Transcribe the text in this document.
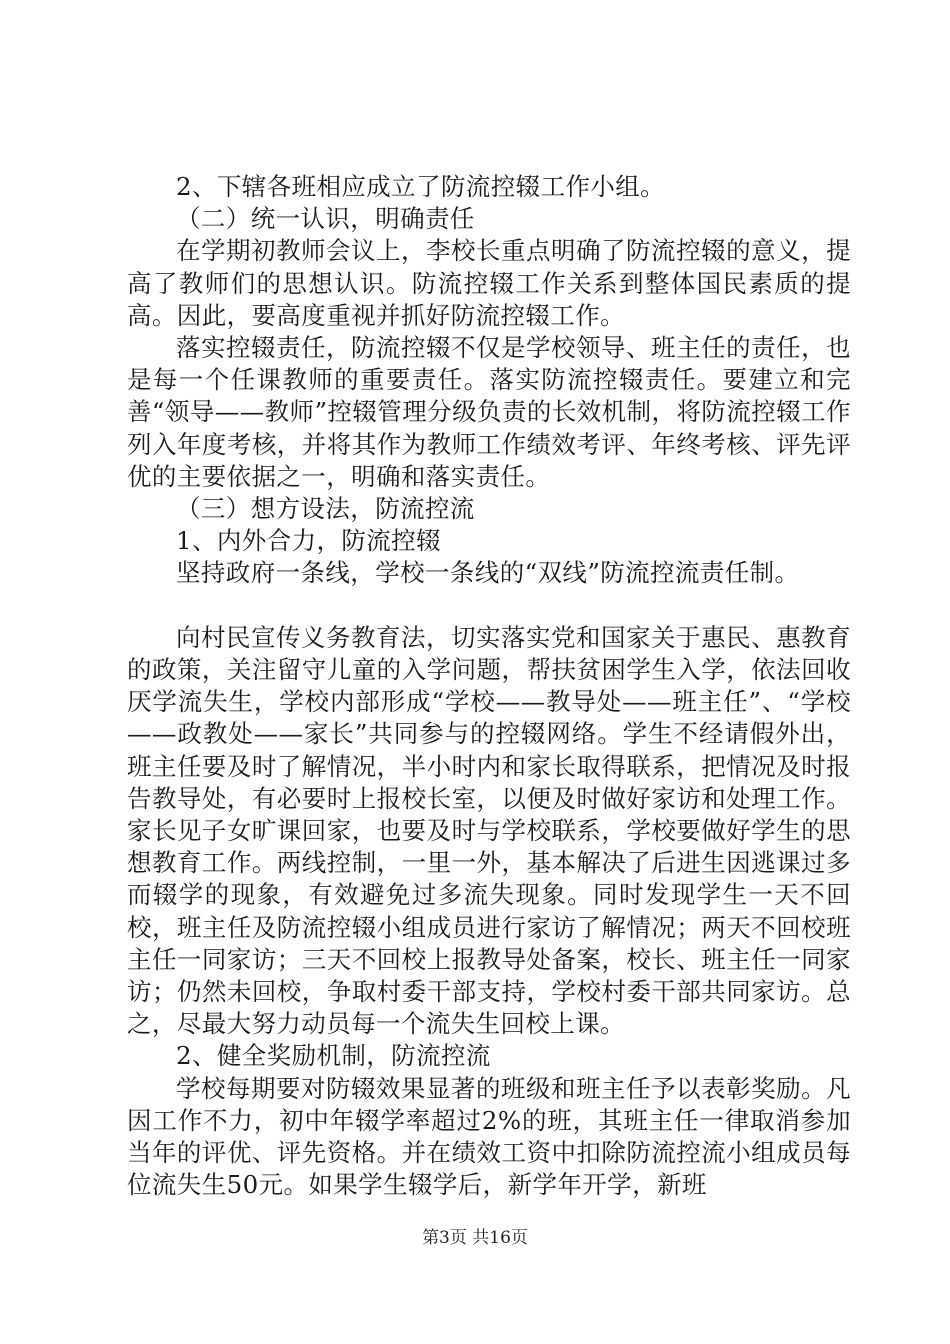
2、下辖各班相应成立了防流控辍工作小组。

（二）统一认识，明确责任

在学期初教师会议上，李校长重点明确了防流控辍的意义，提高了教师们的思想认识。防流控辍工作关系到整体国民素质的提高。因此，要高度重视并抓好防流控辍工作。

落实控辍责任，防流控辍不仅是学校领导、班主任的责任，也是每一个任课教师的重要责任。落实防流控辍责任。要建立和完善“领导——教师”控辍管理分级负责的长效机制，将防流控辍工作列入年度考核，并将其作为教师工作绩效考评、年终考核、评先评优的主要依据之一，明确和落实责任。

（三）想方设法，防流控流

1、内外合力，防流控辍

坚持政府一条线，学校一条线的“双线”防流控流责任制。

向村民宣传义务教育法，切实落实党和国家关于惠民、惠教育的政策，关注留守儿童的入学问题，帮扶贫困学生入学，依法回收厌学流失生，学校内部形成“学校——教导处——班主任”、“学校——政教处——家长”共同参与的控辍网络。学生不经请假外出，班主任要及时了解情况，半小时内和家长取得联系，把情况及时报告教导处，有必要时上报校长室，以便及时做好家访和处理工作。家长见子女旷课回家，也要及时与学校联系，学校要做好学生的思想教育工作。两线控制，一里一外，基本解决了后进生因逃课过多而辍学的现象，有效避免过多流失现象。同时发现学生一天不回校，班主任及防流控辍小组成员进行家访了解情况；两天不回校班主任一同家访；三天不回校上报教导处备案，校长、班主任一同家访；仍然未回校，争取村委干部支持，学校村委干部共同家访。总之，尽最大努力动员每一个流失生回校上课。

2、健全奖励机制，防流控流

学校每期要对防辍效果显著的班级和班主任予以表彰奖励。凡因工作不力，初中年辍学率超过2%的班，其班主任一律取消参加当年的评优、评先资格。并在绩效工资中扣除防流控流小组成员每位流失生50元。如果学生辍学后，新学年开学，新班

第3页 共16页
